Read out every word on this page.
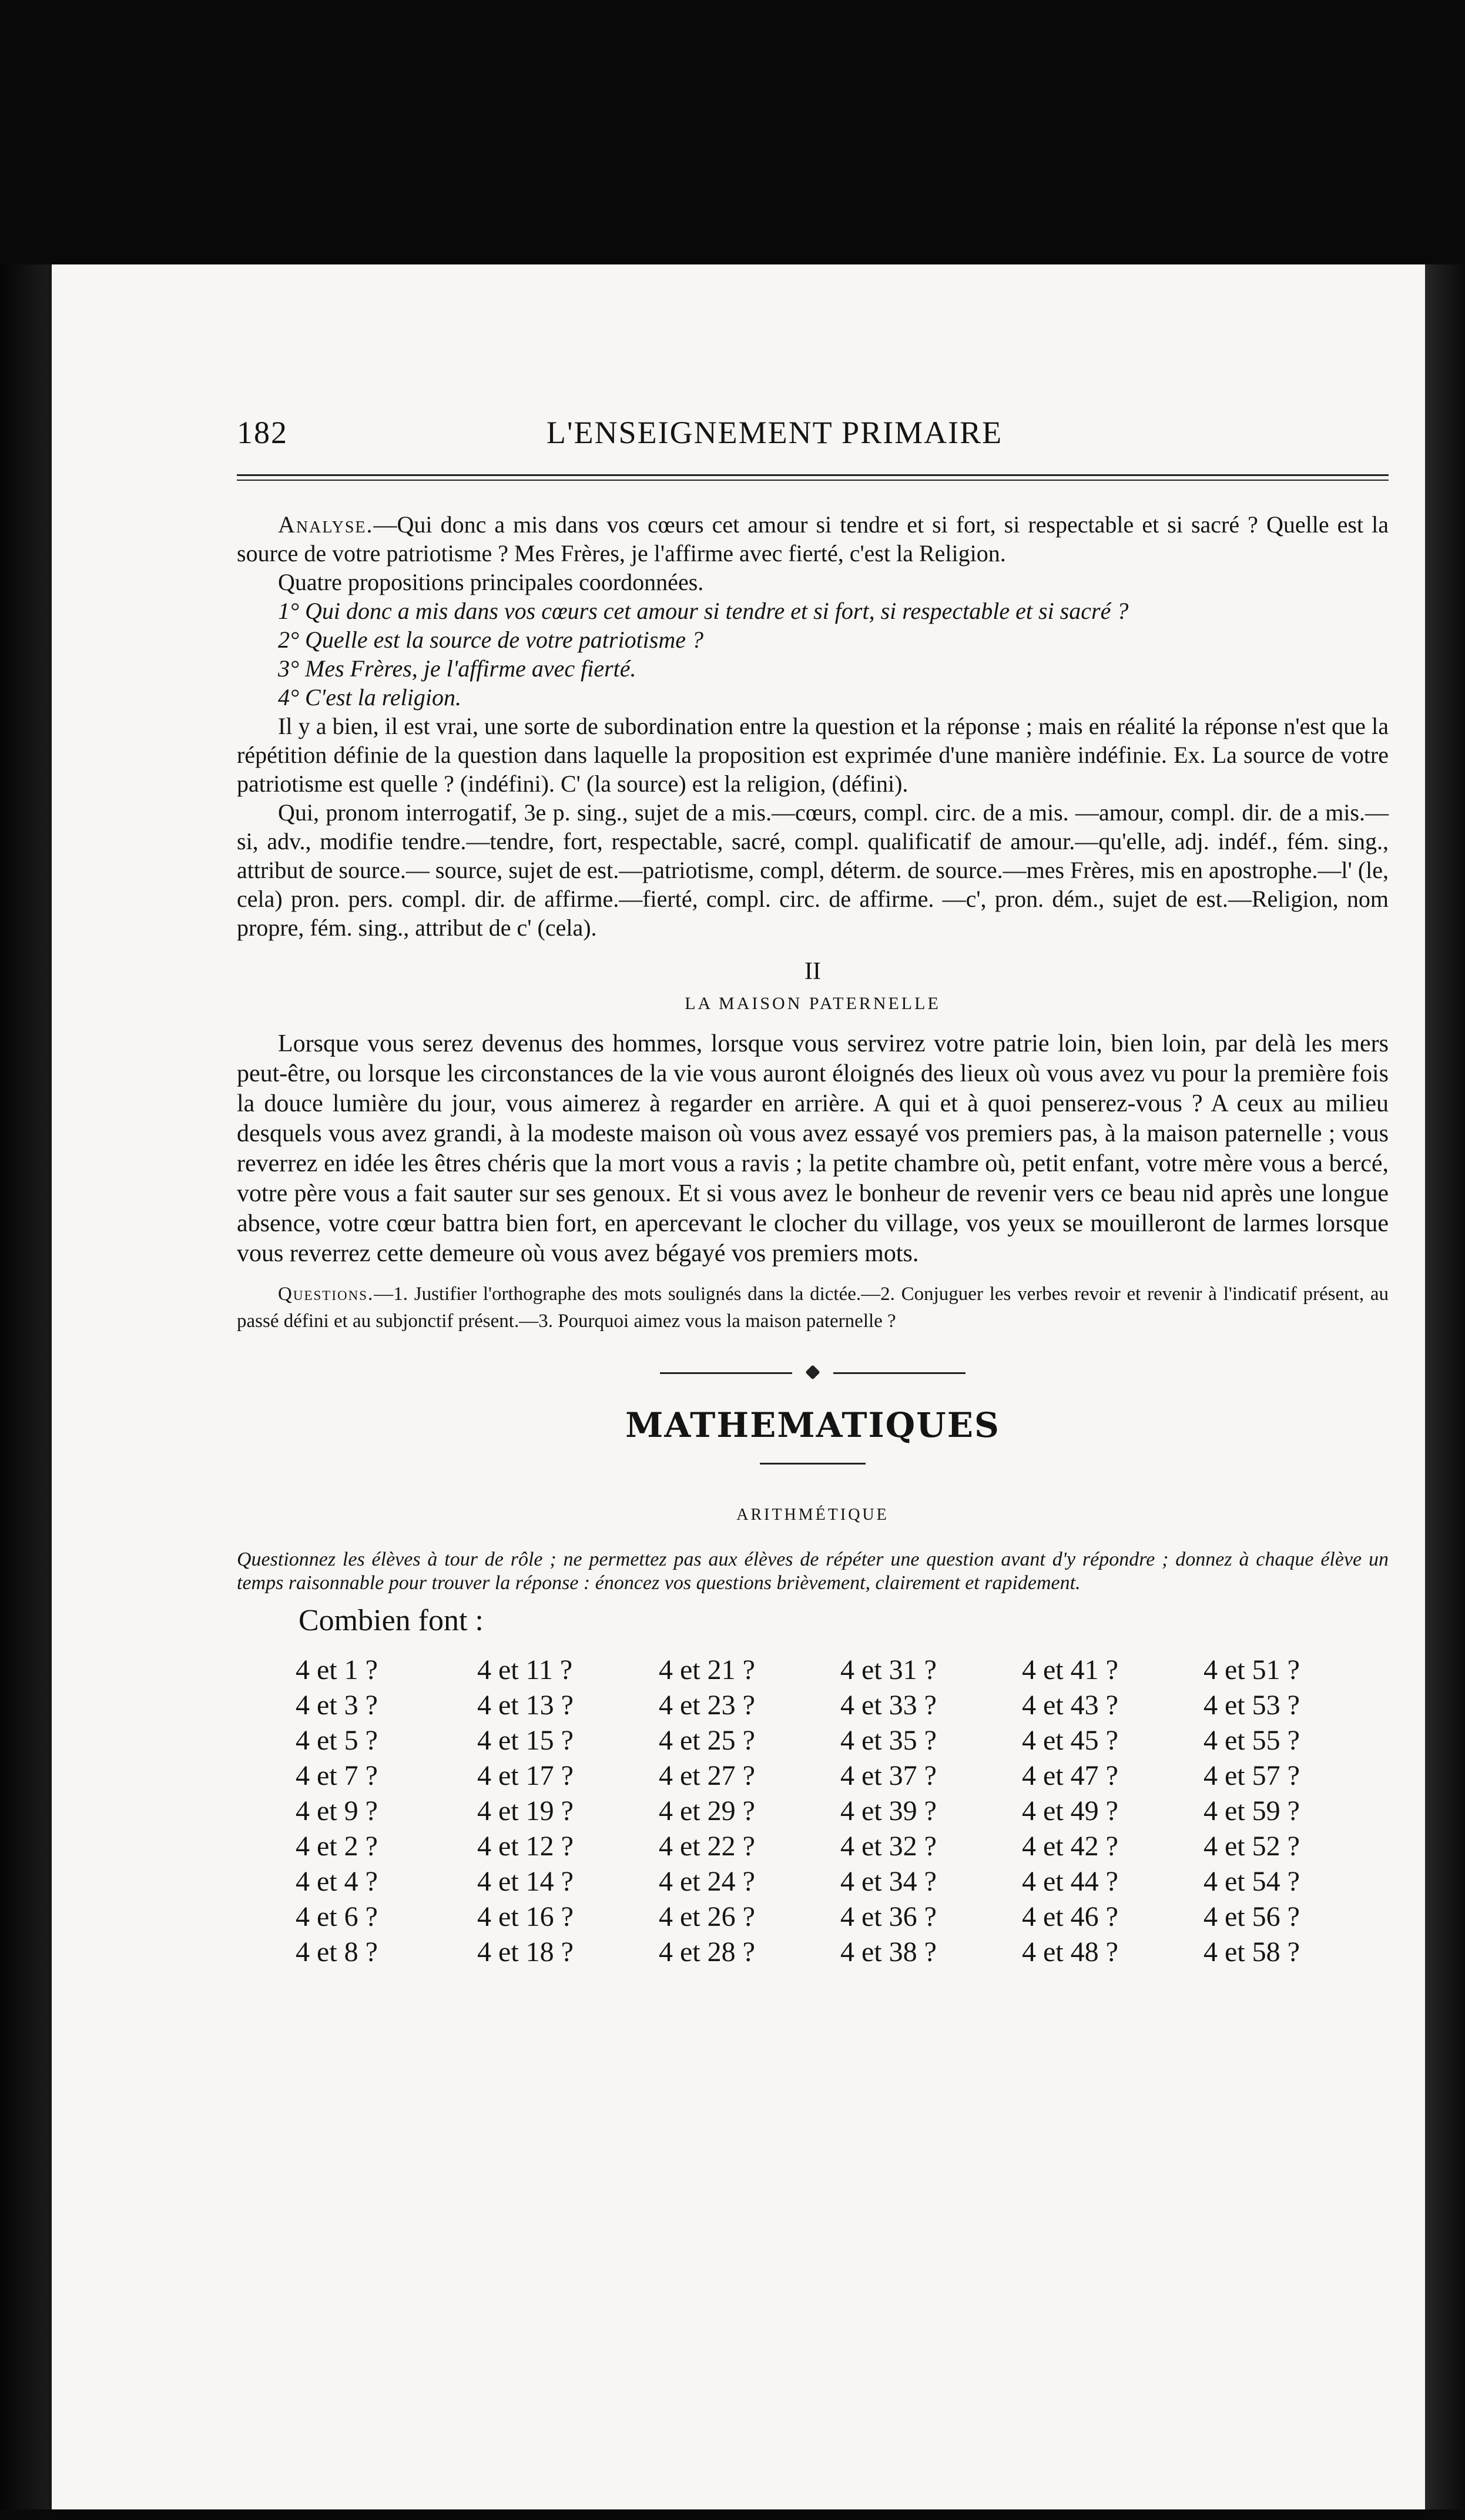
182	L'ENSEIGNEMENT PRIMAIRE

Analyse.—Qui donc a mis dans vos cœurs cet amour si tendre et si fort, si respectable et si sacré ? Quelle est la source de votre patriotisme ? Mes Frères, je l'affirme avec fierté, c'est la Religion.

Quatre propositions principales coordonnées.

1° Qui donc a mis dans vos cœurs cet amour si tendre et si fort, si respectable et si sacré ?

2° Quelle est la source de votre patriotisme ?

3° Mes Frères, je l'affirme avec fierté.

4° C'est la religion.

Il y a bien, il est vrai, une sorte de subordination entre la question et la réponse ; mais en réalité la réponse n'est que la répétition définie de la question dans laquelle la proposition est exprimée d'une manière indéfinie. Ex. La source de votre patriotisme est quelle ? (indéfini). C' (la source) est la religion, (défini).

Qui, pronom interrogatif, 3e p. sing., sujet de a mis.—cœurs, compl. circ. de a mis. —amour, compl. dir. de a mis.—si, adv., modifie tendre.—tendre, fort, respectable, sacré, compl. qualificatif de amour.—qu'elle, adj. indéf., fém. sing., attribut de source.— source, sujet de est.—patriotisme, compl, déterm. de source.—mes Frères, mis en apostrophe.—l' (le, cela) pron. pers. compl. dir. de affirme.—fierté, compl. circ. de affirme. —c', pron. dém., sujet de est.—Religion, nom propre, fém. sing., attribut de c' (cela).

II
LA MAISON PATERNELLE

Lorsque vous serez devenus des hommes, lorsque vous servirez votre patrie loin, bien loin, par delà les mers peut-être, ou lorsque les circonstances de la vie vous auront éloignés des lieux où vous avez vu pour la première fois la douce lumière du jour, vous aimerez à regarder en arrière. A qui et à quoi penserez-vous ? A ceux au milieu desquels vous avez grandi, à la modeste maison où vous avez essayé vos premiers pas, à la maison paternelle ; vous reverrez en idée les êtres chéris que la mort vous a ravis ; la petite chambre où, petit enfant, votre mère vous a bercé, votre père vous a fait sauter sur ses genoux. Et si vous avez le bonheur de revenir vers ce beau nid après une longue absence, votre cœur battra bien fort, en apercevant le clocher du village, vos yeux se mouilleront de larmes lorsque vous reverrez cette demeure où vous avez bégayé vos premiers mots.

Questions.—1. Justifier l'orthographe des mots soulignés dans la dictée.—2. Conjuguer les verbes revoir et revenir à l'indicatif présent, au passé défini et au subjonctif présent.—3. Pourquoi aimez vous la maison paternelle ?
MATHEMATIQUES
ARITHMÉTIQUE
Questionnez les élèves à tour de rôle ; ne permettez pas aux élèves de répéter une question avant d'y répondre ; donnez à chaque élève un temps raisonnable pour trouver la réponse : énoncez vos questions brièvement, clairement et rapidement.
Combien font :
4 et 1 ?	4 et 11 ?	4 et 21 ?	4 et 31 ?	4 et 41 ?	4 et 51 ?
4 et 3 ?	4 et 13 ?	4 et 23 ?	4 et 33 ?	4 et 43 ?	4 et 53 ?
4 et 5 ?	4 et 15 ?	4 et 25 ?	4 et 35 ?	4 et 45 ?	4 et 55 ?
4 et 7 ?	4 et 17 ?	4 et 27 ?	4 et 37 ?	4 et 47 ?	4 et 57 ?
4 et 9 ?	4 et 19 ?	4 et 29 ?	4 et 39 ?	4 et 49 ?	4 et 59 ?
4 et 2 ?	4 et 12 ?	4 et 22 ?	4 et 32 ?	4 et 42 ?	4 et 52 ?
4 et 4 ?	4 et 14 ?	4 et 24 ?	4 et 34 ?	4 et 44 ?	4 et 54 ?
4 et 6 ?	4 et 16 ?	4 et 26 ?	4 et 36 ?	4 et 46 ?	4 et 56 ?
4 et 8 ?	4 et 18 ?	4 et 28 ?	4 et 38 ?	4 et 48 ?	4 et 58 ?
